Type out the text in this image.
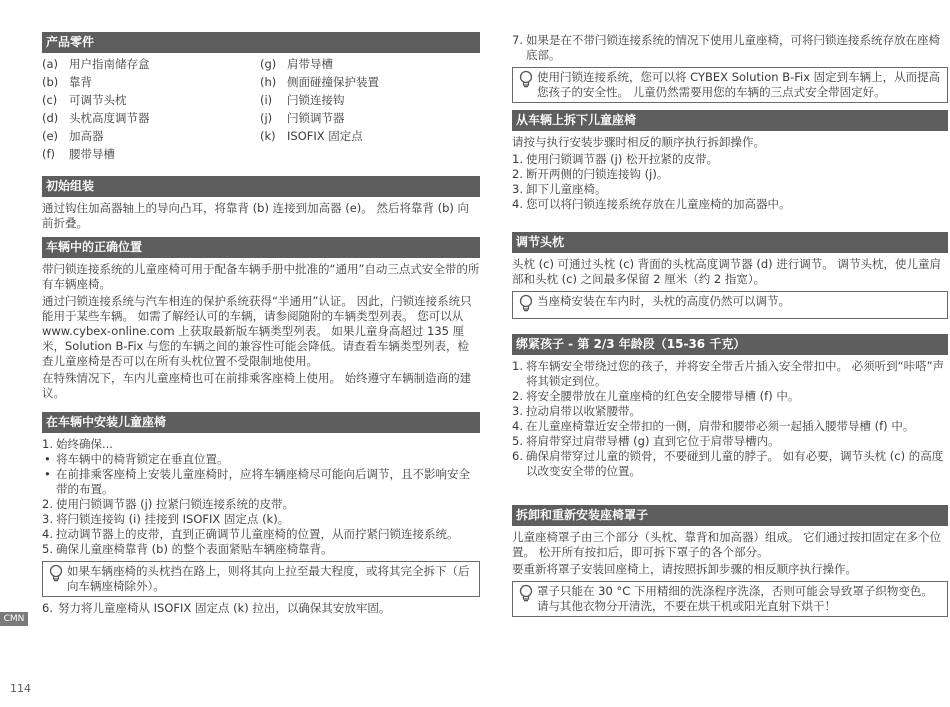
产品零件
(a) 用户指南储存盒	(g) 肩带导槽
(b) 靠背	(h) 侧面碰撞保护装置
(c)	可调节头枕	(i)	闩锁连接钩
(d) 头枕高度调节器	(j)	闩锁调节器
(e) 加高器	(k) ISOFIX 固定点
(f)	腰带导槽
初始组装
通过钩住加高器轴上的导向凸耳，将靠背 (b) 连接到加高器 (e)。 然后将靠背 (b) 向前折叠。
车辆中的正确位置
带闩锁连接系统的儿童座椅可用于配备车辆手册中批准的“通用”自动三点式安全带的所有车辆座椅。
通过闩锁连接系统与汽车相连的保护系统获得“半通用”认证。 因此，闩锁连接系统只能用于某些车辆。 如需了解经认可的车辆，请参阅随附的车辆类型列表。 您可以从 www.cybex-online.com 上获取最新版车辆类型列表。 如果儿童身高超过 135 厘米，Solution B-Fix 与您的车辆之间的兼容性可能会降低。请查看车辆类型列表，检查儿童座椅是否可以在所有头枕位置不受限制地使用。
在特殊情况下，车内儿童座椅也可在前排乘客座椅上使用。 始终遵守车辆制造商的建议。
在车辆中安装儿童座椅
1. 始终确保...
• 将车辆中的椅背锁定在垂直位置。
• 在前排乘客座椅上安装儿童座椅时，应将车辆座椅尽可能向后调节，且不影响安全带的布置。
2. 使用闩锁调节器 (j) 拉紧闩锁连接系统的皮带。
3. 将闩锁连接钩 (i) 挂接到 ISOFIX 固定点 (k)。
4. 拉动调节器上的皮带，直到正确调节儿童座椅的位置，从而拧紧闩锁连接系统。
5. 确保儿童座椅靠背 (b) 的整个表面紧贴车辆座椅靠背。
如果车辆座椅的头枕挡在路上，则将其向上拉至最大程度，或将其完全拆下（后向车辆座椅除外）。
6. 努力将儿童座椅从 ISOFIX 固定点 (k) 拉出，以确保其安放牢固。
7. 如果是在不带闩锁连接系统的情况下使用儿童座椅，可将闩锁连接系统存放在座椅底部。
使用闩锁连接系统，您可以将 CYBEX Solution B-Fix 固定到车辆上，从而提高您孩子的安全性。 儿童仍然需要用您的车辆的三点式安全带固定好。
从车辆上拆下儿童座椅
请按与执行安装步骤时相反的顺序执行拆卸操作。
1. 使用闩锁调节器 (j) 松开拉紧的皮带。
2. 断开两侧的闩锁连接钩 (j)。
3. 卸下儿童座椅。
4. 您可以将闩锁连接系统存放在儿童座椅的加高器中。
调节头枕
头枕 (c) 可通过头枕 (c) 背面的头枕高度调节器 (d) 进行调节。 调节头枕，使儿童肩部和头枕 (c) 之间最多保留 2 厘米（约 2 指宽）。
当座椅安装在车内时，头枕的高度仍然可以调节。
绑紧孩子 - 第 2/3 年龄段（15-36 千克）
1. 将车辆安全带绕过您的孩子，并将安全带舌片插入安全带扣中。 必须听到“咔嗒”声将其锁定到位。
2. 将安全腰带放在儿童座椅的红色安全腰带导槽 (f) 中。
3. 拉动肩带以收紧腰带。
4. 在儿童座椅靠近安全带扣的一侧，肩带和腰带必须一起插入腰带导槽 (f) 中。
5. 将肩带穿过肩带导槽 (g) 直到它位于肩带导槽内。
6. 确保肩带穿过儿童的锁骨，不要碰到儿童的脖子。 如有必要，调节头枕 (c) 的高度以改变安全带的位置。
拆卸和重新安装座椅罩子
儿童座椅罩子由三个部分（头枕、靠背和加高器）组成。 它们通过按扣固定在多个位置。 松开所有按扣后，即可拆下罩子的各个部分。
要重新将罩子安装回座椅上，请按照拆卸步骤的相反顺序执行操作。
罩子只能在 30 °C 下用精细的洗涤程序洗涤，否则可能会导致罩子织物变色。 请与其他衣物分开清洗，不要在烘干机或阳光直射下烘干！
CMN
114
